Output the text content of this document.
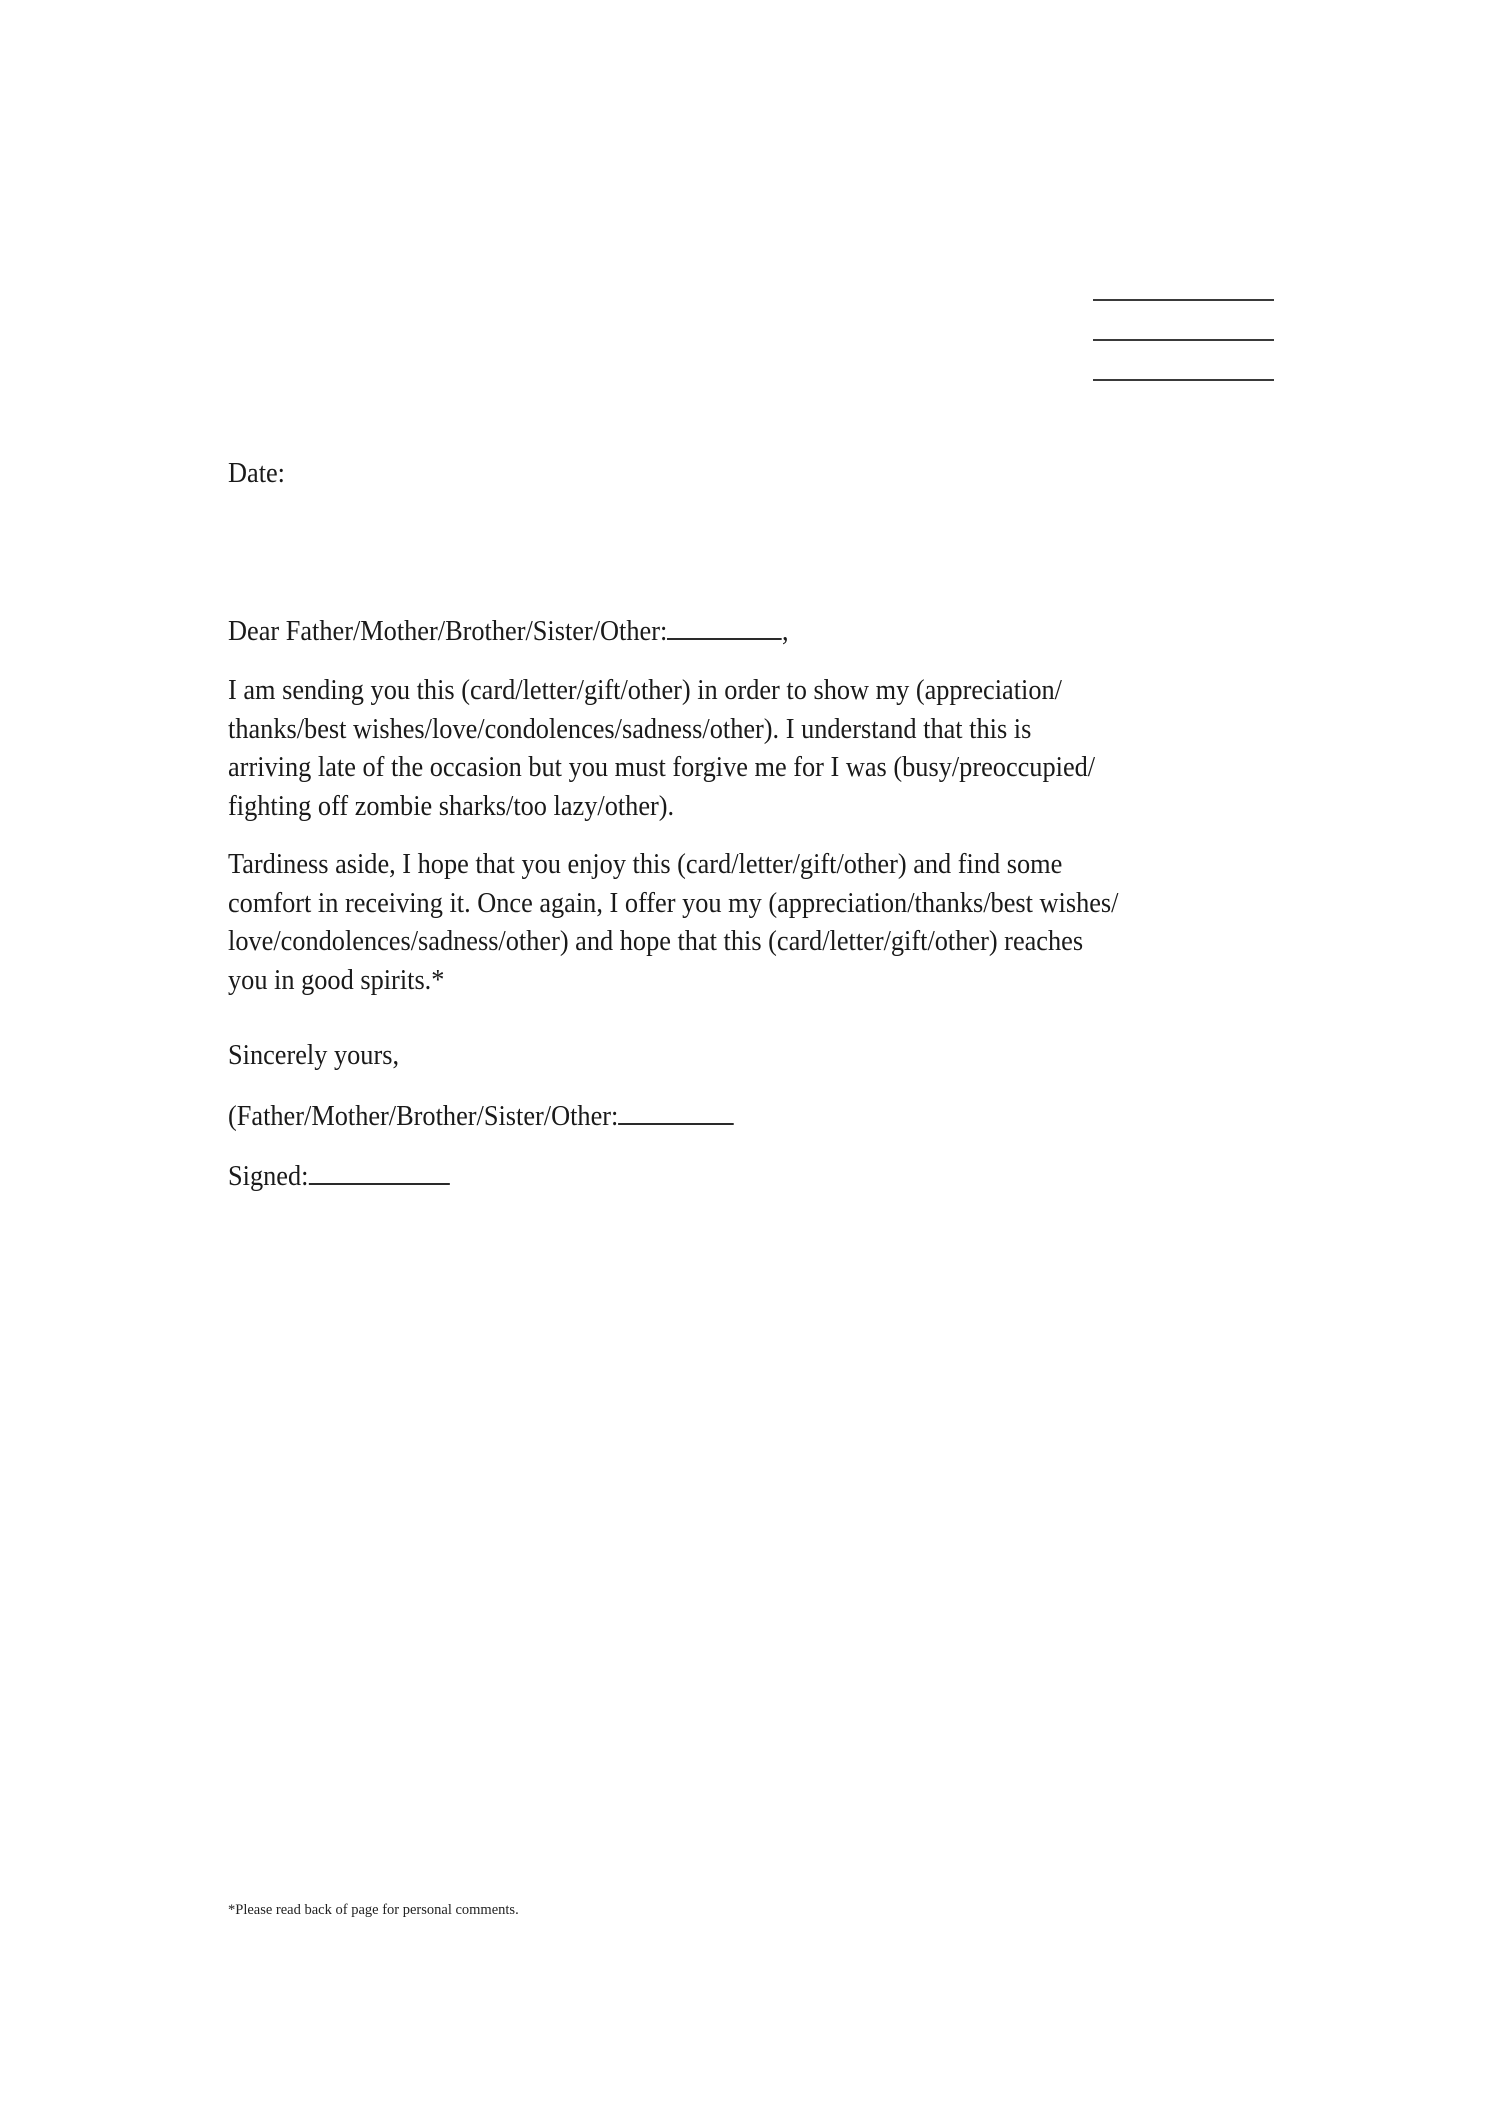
Date:
Dear Father/Mother/Brother/Sister/Other:	,
I am sending you this (card/letter/gift/other) in order to show my (appreciation/
thanks/best wishes/love/condolences/sadness/other). I understand that this is
arriving late of the occasion but you must forgive me for I was (busy/preoccupied/
fighting off zombie sharks/too lazy/other).
Tardiness aside, I hope that you enjoy this (card/letter/gift/other) and find some
comfort in receiving it. Once again, I offer you my (appreciation/thanks/best wishes/
love/condolences/sadness/other) and hope that this (card/letter/gift/other) reaches
you in good spirits.*
Sincerely yours,
(Father/Mother/Brother/Sister/Other:
Signed:
*Please read back of page for personal comments.
